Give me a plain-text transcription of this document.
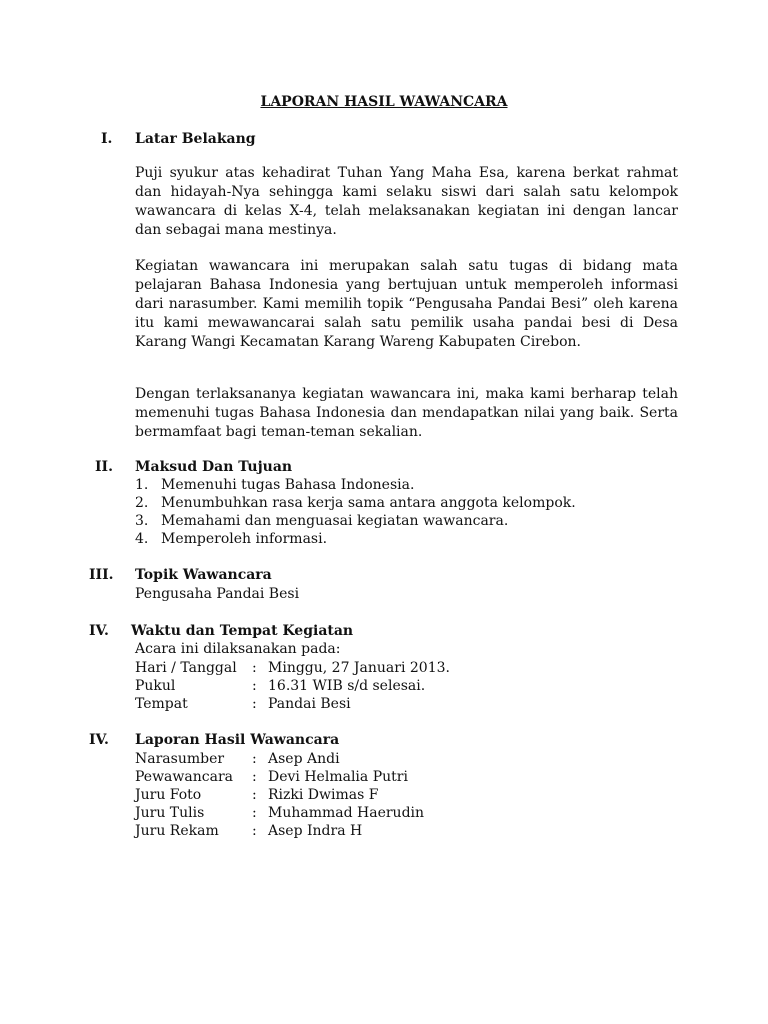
LAPORAN HASIL WAWANCARA
I. Latar Belakang

Puji syukur atas kehadirat Tuhan Yang Maha Esa, karena berkat rahmat dan hidayah-Nya sehingga kami selaku siswi dari salah satu kelompok wawancara di kelas X-4, telah melaksanakan kegiatan ini dengan lancar dan sebagai mana mestinya.

Kegiatan wawancara ini merupakan salah satu tugas di bidang mata pelajaran Bahasa Indonesia yang bertujuan untuk memperoleh informasi dari narasumber. Kami memilih topik “Pengusaha Pandai Besi” oleh karena itu kami mewawancarai salah satu pemilik usaha pandai besi di Desa Karang Wangi Kecamatan Karang Wareng Kabupaten Cirebon.

Dengan terlaksananya kegiatan wawancara ini, maka kami berharap telah memenuhi tugas Bahasa Indonesia dan mendapatkan nilai yang baik. Serta bermamfaat bagi teman-teman sekalian.

II. Maksud Dan Tujuan
1. Memenuhi tugas Bahasa Indonesia.
2. Menumbuhkan rasa kerja sama antara anggota kelompok.
3. Memahami dan menguasai kegiatan wawancara.
4. Memperoleh informasi.
III. Topik Wawancara
Pengusaha Pandai Besi
IV. Waktu dan Tempat Kegiatan
Acara ini dilaksanakan pada:
Hari / Tanggal	: Minggu, 27 Januari 2013.
Pukul	: 16.31 WIB s/d selesai.
Tempat	: Pandai Besi
IV. Laporan Hasil Wawancara
Narasumber	: Asep Andi
Pewawancara	: Devi Helmalia Putri
Juru Foto	: Rizki Dwimas F
Juru Tulis	: Muhammad Haerudin
Juru Rekam	: Asep Indra H
